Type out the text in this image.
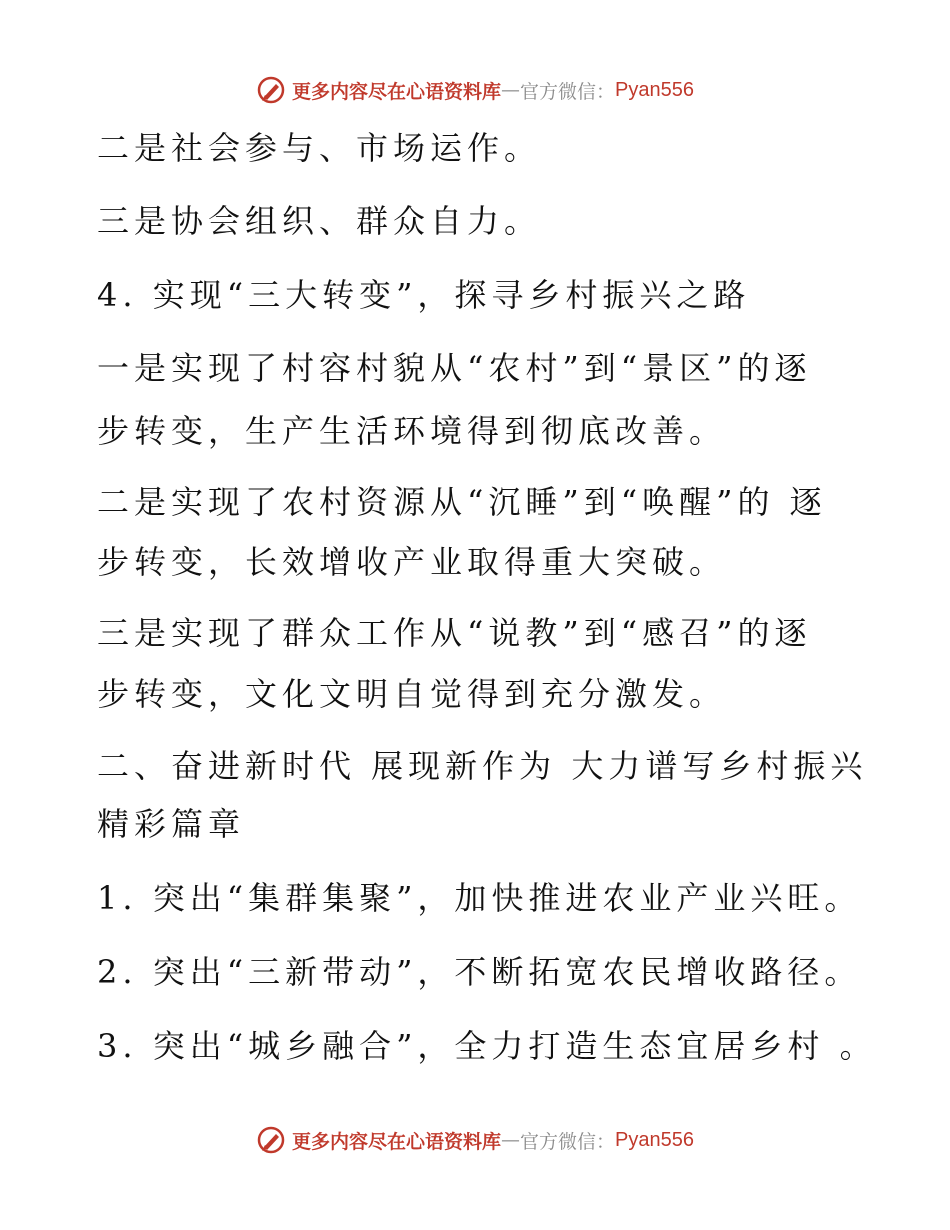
更多内容尽在心语资料库 — 官方微信： Pyan556
二是社会参与、市场运作。
三是协会组织、群众自力。
4. 实现“三大转变”，探寻乡村振兴之路
一是实现了村容村貌从“农村”到“景区”的逐
步转变，生产生活环境得到彻底改善。
二是实现了农村资源从“沉睡”到“唤醒”的 逐
步转变，长效增收产业取得重大突破。
三是实现了群众工作从“说教”到“感召”的逐
步转变，文化文明自觉得到充分激发。
二、奋进新时代 展现新作为 大力谱写乡村振兴
精彩篇章
1. 突出“集群集聚”，加快推进农业产业兴旺。
2. 突出“三新带动”，不断拓宽农民增收路径。
3. 突出“城乡融合”，全力打造生态宜居乡村 。
更多内容尽在心语资料库 — 官方微信： Pyan556
